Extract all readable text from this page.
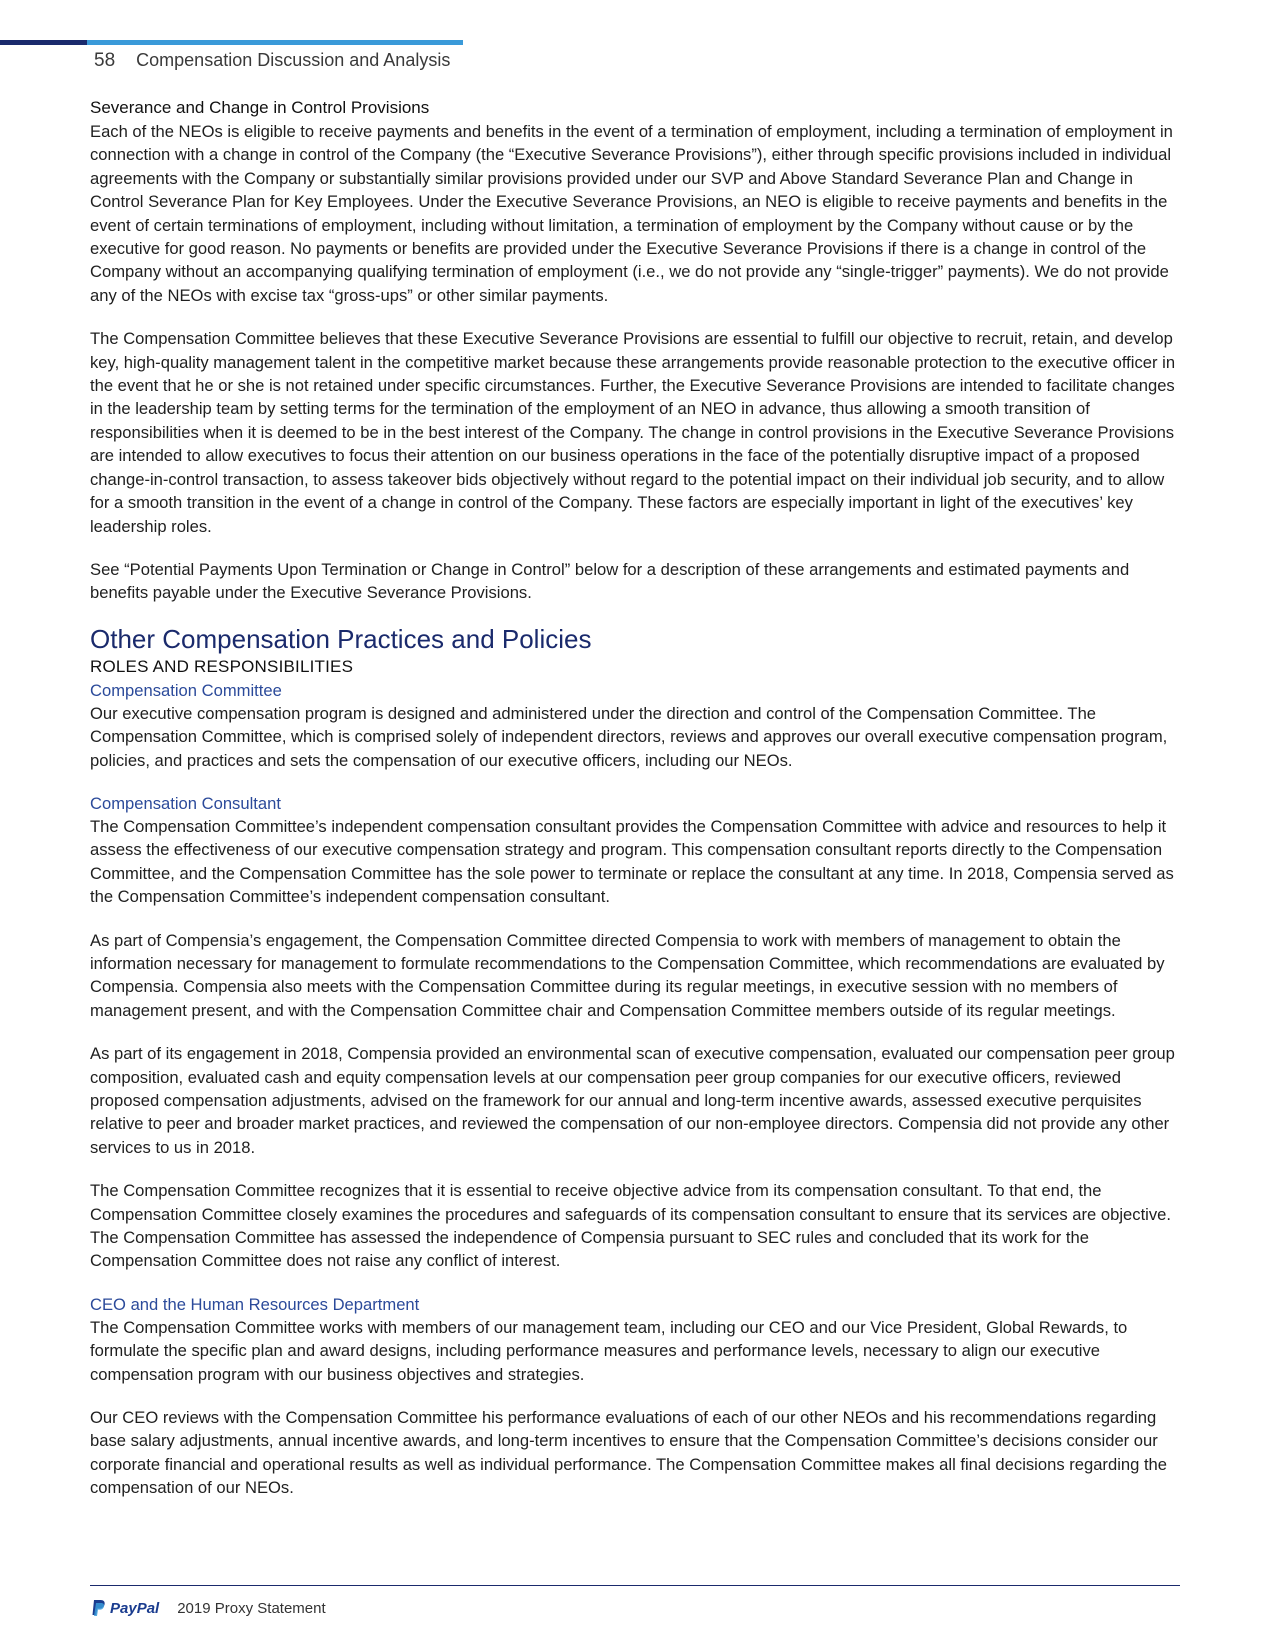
58 Compensation Discussion and Analysis
Severance and Change in Control Provisions

Each of the NEOs is eligible to receive payments and benefits in the event of a termination of employment, including a termination of employment in connection with a change in control of the Company (the “Executive Severance Provisions”), either through specific provisions included in individual agreements with the Company or substantially similar provisions provided under our SVP and Above Standard Severance Plan and Change in Control Severance Plan for Key Employees. Under the Executive Severance Provisions, an NEO is eligible to receive payments and benefits in the event of certain terminations of employment, including without limitation, a termination of employment by the Company without cause or by the executive for good reason. No payments or benefits are provided under the Executive Severance Provisions if there is a change in control of the Company without an accompanying qualifying termination of employment (i.e., we do not provide any “single-trigger” payments). We do not provide any of the NEOs with excise tax “gross-ups” or other similar payments.

The Compensation Committee believes that these Executive Severance Provisions are essential to fulfill our objective to recruit, retain, and develop key, high-quality management talent in the competitive market because these arrangements provide reasonable protection to the executive officer in the event that he or she is not retained under specific circumstances. Further, the Executive Severance Provisions are intended to facilitate changes in the leadership team by setting terms for the termination of the employment of an NEO in advance, thus allowing a smooth transition of responsibilities when it is deemed to be in the best interest of the Company. The change in control provisions in the Executive Severance Provisions are intended to allow executives to focus their attention on our business operations in the face of the potentially disruptive impact of a proposed change-in-control transaction, to assess takeover bids objectively without regard to the potential impact on their individual job security, and to allow for a smooth transition in the event of a change in control of the Company. These factors are especially important in light of the executives’ key leadership roles.

See “Potential Payments Upon Termination or Change in Control” below for a description of these arrangements and estimated payments and benefits payable under the Executive Severance Provisions.

Other Compensation Practices and Policies
ROLES AND RESPONSIBILITIES
Compensation Committee

Our executive compensation program is designed and administered under the direction and control of the Compensation Committee. The Compensation Committee, which is comprised solely of independent directors, reviews and approves our overall executive compensation program, policies, and practices and sets the compensation of our executive officers, including our NEOs.

Compensation Consultant

The Compensation Committee’s independent compensation consultant provides the Compensation Committee with advice and resources to help it assess the effectiveness of our executive compensation strategy and program. This compensation consultant reports directly to the Compensation Committee, and the Compensation Committee has the sole power to terminate or replace the consultant at any time. In 2018, Compensia served as the Compensation Committee’s independent compensation consultant.

As part of Compensia’s engagement, the Compensation Committee directed Compensia to work with members of management to obtain the information necessary for management to formulate recommendations to the Compensation Committee, which recommendations are evaluated by Compensia. Compensia also meets with the Compensation Committee during its regular meetings, in executive session with no members of management present, and with the Compensation Committee chair and Compensation Committee members outside of its regular meetings.

As part of its engagement in 2018, Compensia provided an environmental scan of executive compensation, evaluated our compensation peer group composition, evaluated cash and equity compensation levels at our compensation peer group companies for our executive officers, reviewed proposed compensation adjustments, advised on the framework for our annual and long-term incentive awards, assessed executive perquisites relative to peer and broader market practices, and reviewed the compensation of our non-employee directors. Compensia did not provide any other services to us in 2018.

The Compensation Committee recognizes that it is essential to receive objective advice from its compensation consultant. To that end, the Compensation Committee closely examines the procedures and safeguards of its compensation consultant to ensure that its services are objective. The Compensation Committee has assessed the independence of Compensia pursuant to SEC rules and concluded that its work for the Compensation Committee does not raise any conflict of interest.

CEO and the Human Resources Department

The Compensation Committee works with members of our management team, including our CEO and our Vice President, Global Rewards, to formulate the specific plan and award designs, including performance measures and performance levels, necessary to align our executive compensation program with our business objectives and strategies.

Our CEO reviews with the Compensation Committee his performance evaluations of each of our other NEOs and his recommendations regarding base salary adjustments, annual incentive awards, and long-term incentives to ensure that the Compensation Committee’s decisions consider our corporate financial and operational results as well as individual performance. The Compensation Committee makes all final decisions regarding the compensation of our NEOs.

PayPal 2019 Proxy Statement
